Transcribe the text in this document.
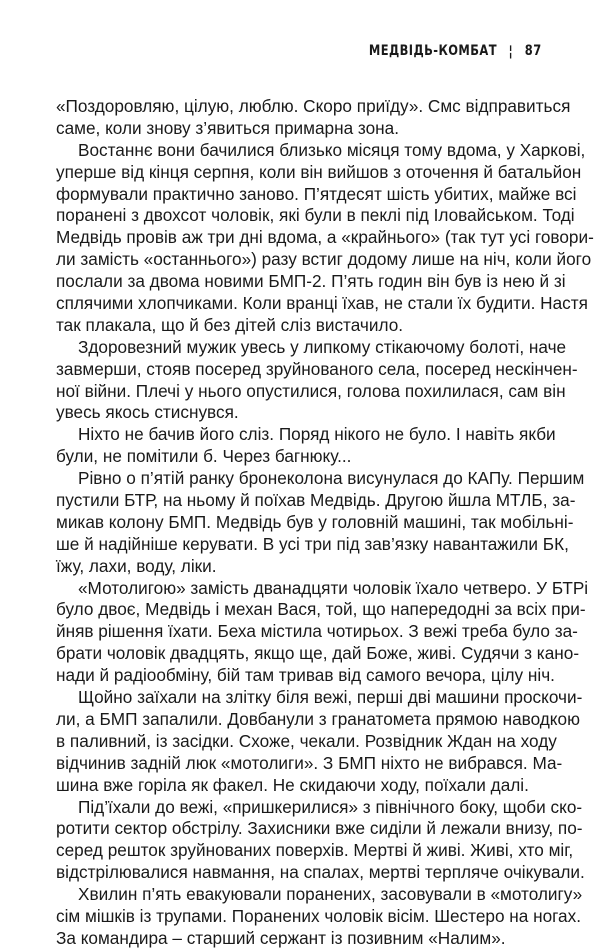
МЕДВІДЬ-КОМБАТ ¦ 87
«Поздоровляю, цілую, люблю. Скоро приїду». Смс відправиться
саме, коли знову з’явиться примарна зона.
Востаннє вони бачилися близько місяця тому вдома, у Харкові,
уперше від кінця серпня, коли він вийшов з оточення й батальйон
формували практично заново. П’ятдесят шість убитих, майже всі
поранені з двохсот чоловік, які були в пеклі під Іловайськом. Тоді
Медвідь провів аж три дні вдома, а «крайнього» (так тут усі говори-
ли замість «останнього») разу встиг додому лише на ніч, коли його
послали за двома новими БМП-2. П’ять годин він був із нею й зі
сплячими хлопчиками. Коли вранці їхав, не стали їх будити. Настя
так плакала, що й без дітей сліз вистачило.
Здоровезний мужик увесь у липкому стікаючому болоті, наче
завмерши, стояв посеред зруйнованого села, посеред нескінчен-
ної війни. Плечі у нього опустилися, голова похилилася, сам він
увесь якось стиснувся.
Ніхто не бачив його сліз. Поряд нікого не було. І навіть якби
були, не помітили б. Через багнюку...
Рівно о п’ятій ранку бронеколона висунулася до КАПу. Першим
пустили БТР, на ньому й поїхав Медвідь. Другою йшла МТЛБ, за-
микав колону БМП. Медвідь був у головній машині, так мобільні-
ше й надійніше керувати. В усі три під зав’язку навантажили БК,
їжу, лахи, воду, ліки.
«Мотолигою» замість дванадцяти чоловік їхало четверо. У БТРі
було двоє, Медвідь і механ Вася, той, що напередодні за всіх при-
йняв рішення їхати. Беха містила чотирьох. З вежі треба було за-
брати чоловік двадцять, якщо ще, дай Боже, живі. Судячи з кано-
нади й радіообміну, бій там тривав від самого вечора, цілу ніч.
Щойно заїхали на злітку біля вежі, перші дві машини проскочи-
ли, а БМП запалили. Довбанули з гранатомета прямою наводкою
в паливний, із засідки. Схоже, чекали. Розвідник Ждан на ходу
відчинив задній люк «мотолиги». З БМП ніхто не вибрався. Ма-
шина вже горіла як факел. Не скидаючи ходу, поїхали далі.
Під’їхали до вежі, «пришкерилися» з північного боку, щоби ско-
ротити сектор обстрілу. Захисники вже сиділи й лежали внизу, по-
серед решток зруйнованих поверхів. Мертві й живі. Живі, хто міг,
відстрілювалися навмання, на спалах, мертві терпляче очікували.
Хвилин п’ять евакуювали поранених, засовували в «мотолигу»
сім мішків із трупами. Поранених чоловік вісім. Шестеро на ногах.
За командира – старший сержант із позивним «Налим».
